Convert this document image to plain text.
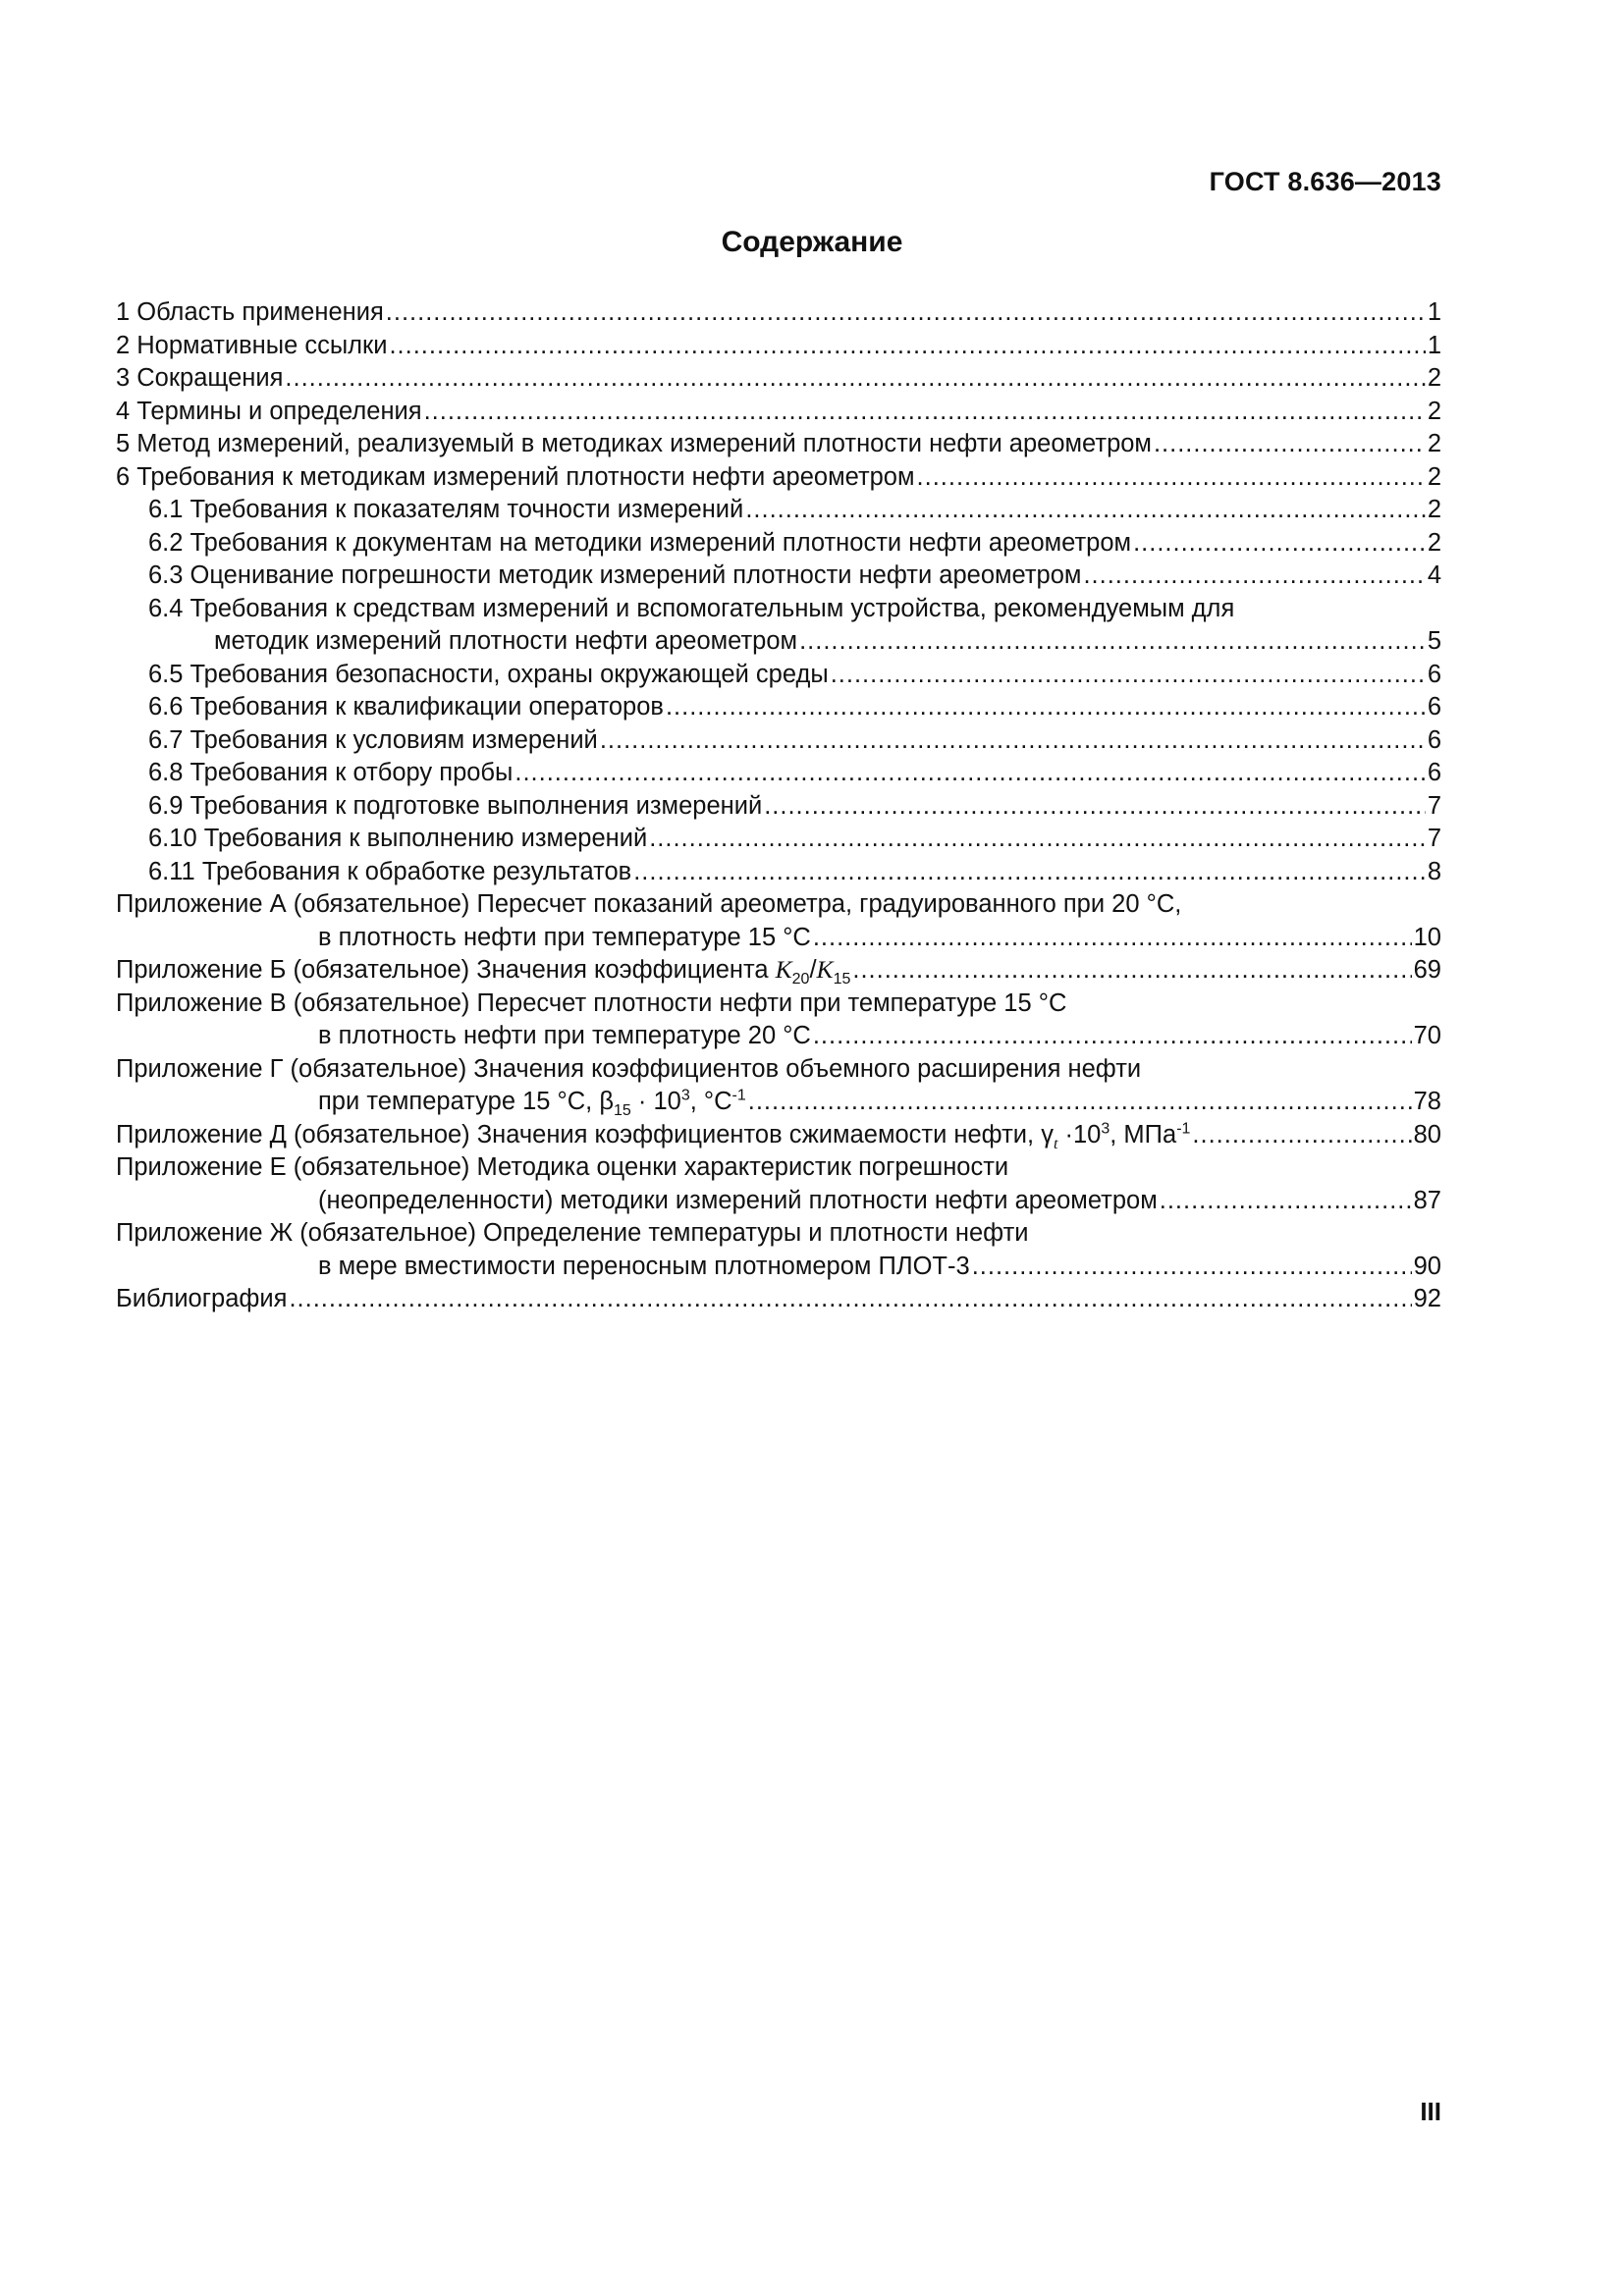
ГОСТ 8.636—2013
Содержание
1 Область применения .....	1
2 Нормативные ссылки .....	1
3 Сокращения .....	2
4 Термины и определения .....	2
5 Метод измерений, реализуемый в методиках измерений плотности нефти ареометром .....	2
6 Требования к методикам измерений плотности нефти ареометром .....	2
6.1 Требования к показателям точности измерений .....	2
6.2 Требования к документам на методики измерений плотности нефти ареометром .....	2
6.3 Оценивание погрешности методик измерений плотности нефти ареометром .....	4
6.4 Требования к средствам измерений и вспомогательным устройства, рекомендуемым для
методик измерений плотности нефти ареометром .....	5
6.5 Требования безопасности, охраны окружающей среды .....	6
6.6 Требования к квалификации операторов .....	6
6.7 Требования к условиям измерений .....	6
6.8 Требования к отбору пробы .....	6
6.9 Требования к подготовке выполнения измерений .....	7
6.10 Требования к выполнению измерений .....	7
6.11 Требования к обработке результатов .....	8
Приложение А (обязательное) Пересчет показаний ареометра, градуированного при 20 °С,
в плотность нефти при температуре 15 °С .....	10
Приложение Б (обязательное) Значения коэффициента $K_{20}/K_{15}$ .....	69
Приложение В (обязательное) Пересчет плотности нефти при температуре 15 °С
в плотность нефти при температуре 20 °С .....	70
Приложение Г (обязательное) Значения коэффициентов объемного расширения нефти
при температуре 15 °С, $\beta_{15} \cdot 10^3$, $^\circ С^{-1}$ .....	78
Приложение Д (обязательное) Значения коэффициентов сжимаемости нефти, $\gamma_t \cdot 10^3$, МПа$^{-1}$ .....	80
Приложение Е (обязательное) Методика оценки характеристик погрешности
(неопределенности) методики измерений плотности нефти ареометром .....	87
Приложение Ж (обязательное) Определение температуры и плотности нефти
в мере вместимости переносным плотномером ПЛОТ-3 .....	90
Библиография .....	92
III
